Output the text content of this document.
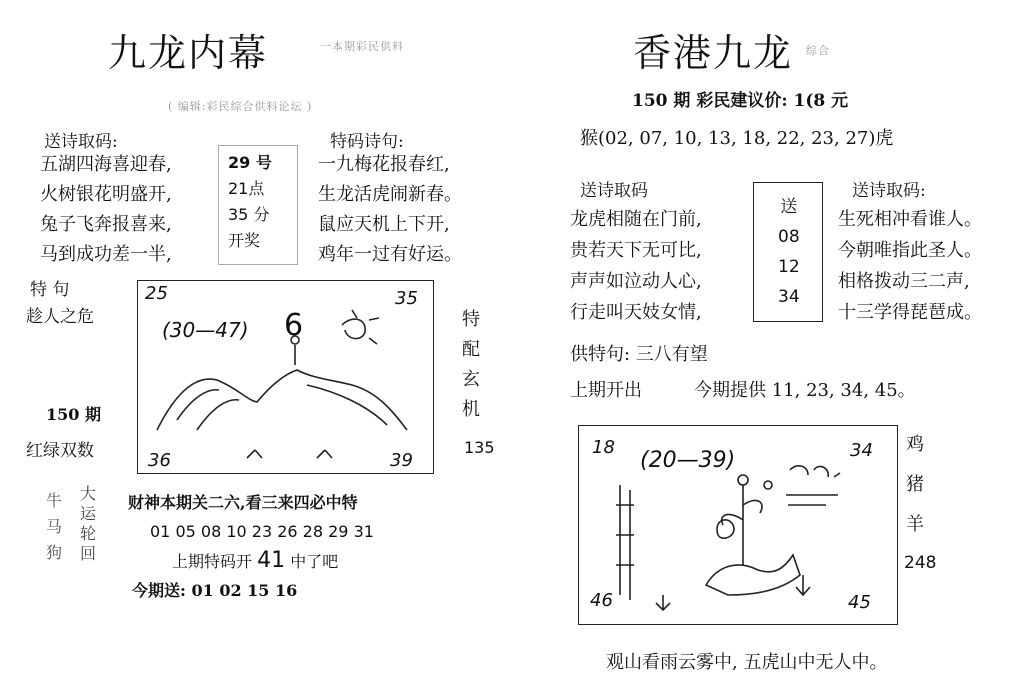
九龙内幕	一本期彩民供料
( 编辑:彩民综合供料论坛 )
送诗取码:
五湖四海喜迎春,
火树银花明盛开,
兔子飞奔报喜来,
马到成功差一半,
29 号
21点
35 分
开奖
特码诗句:
一九梅花报春红,
生龙活虎闹新春。
鼠应天机上下开,
鸡年一过有好运。
特 句
趁人之危
150 期
红绿双数
特
配
玄
机
135
25	35
36	39
(30—47) 6
牛
马
狗
大
运
轮
回
财神本期关二六,看三来四必中特
01 05 08 10 23 26 28 29 31
上期特码开 41 中了吧
今期送: 01 02 15 16
香港九龙 综合
150 期 彩民建议价: 1(8 元
猴(02, 07, 10, 13, 18, 22, 23, 27)虎
送诗取码
龙虎相随在门前,
贵若天下无可比,
声声如泣动人心,
行走叫天妓女情,
送
08
12
34
送诗取码:
生死相冲看谁人。
今朝唯指此圣人。
相格拨动三二声,
十三学得琵琶成。
供特句: 三八有望
上期开出	今期提供 11, 23, 34, 45。
18	34
46	45
(20—39)
鸡
猪
羊
248
观山看雨云雾中, 五虎山中无人中。
